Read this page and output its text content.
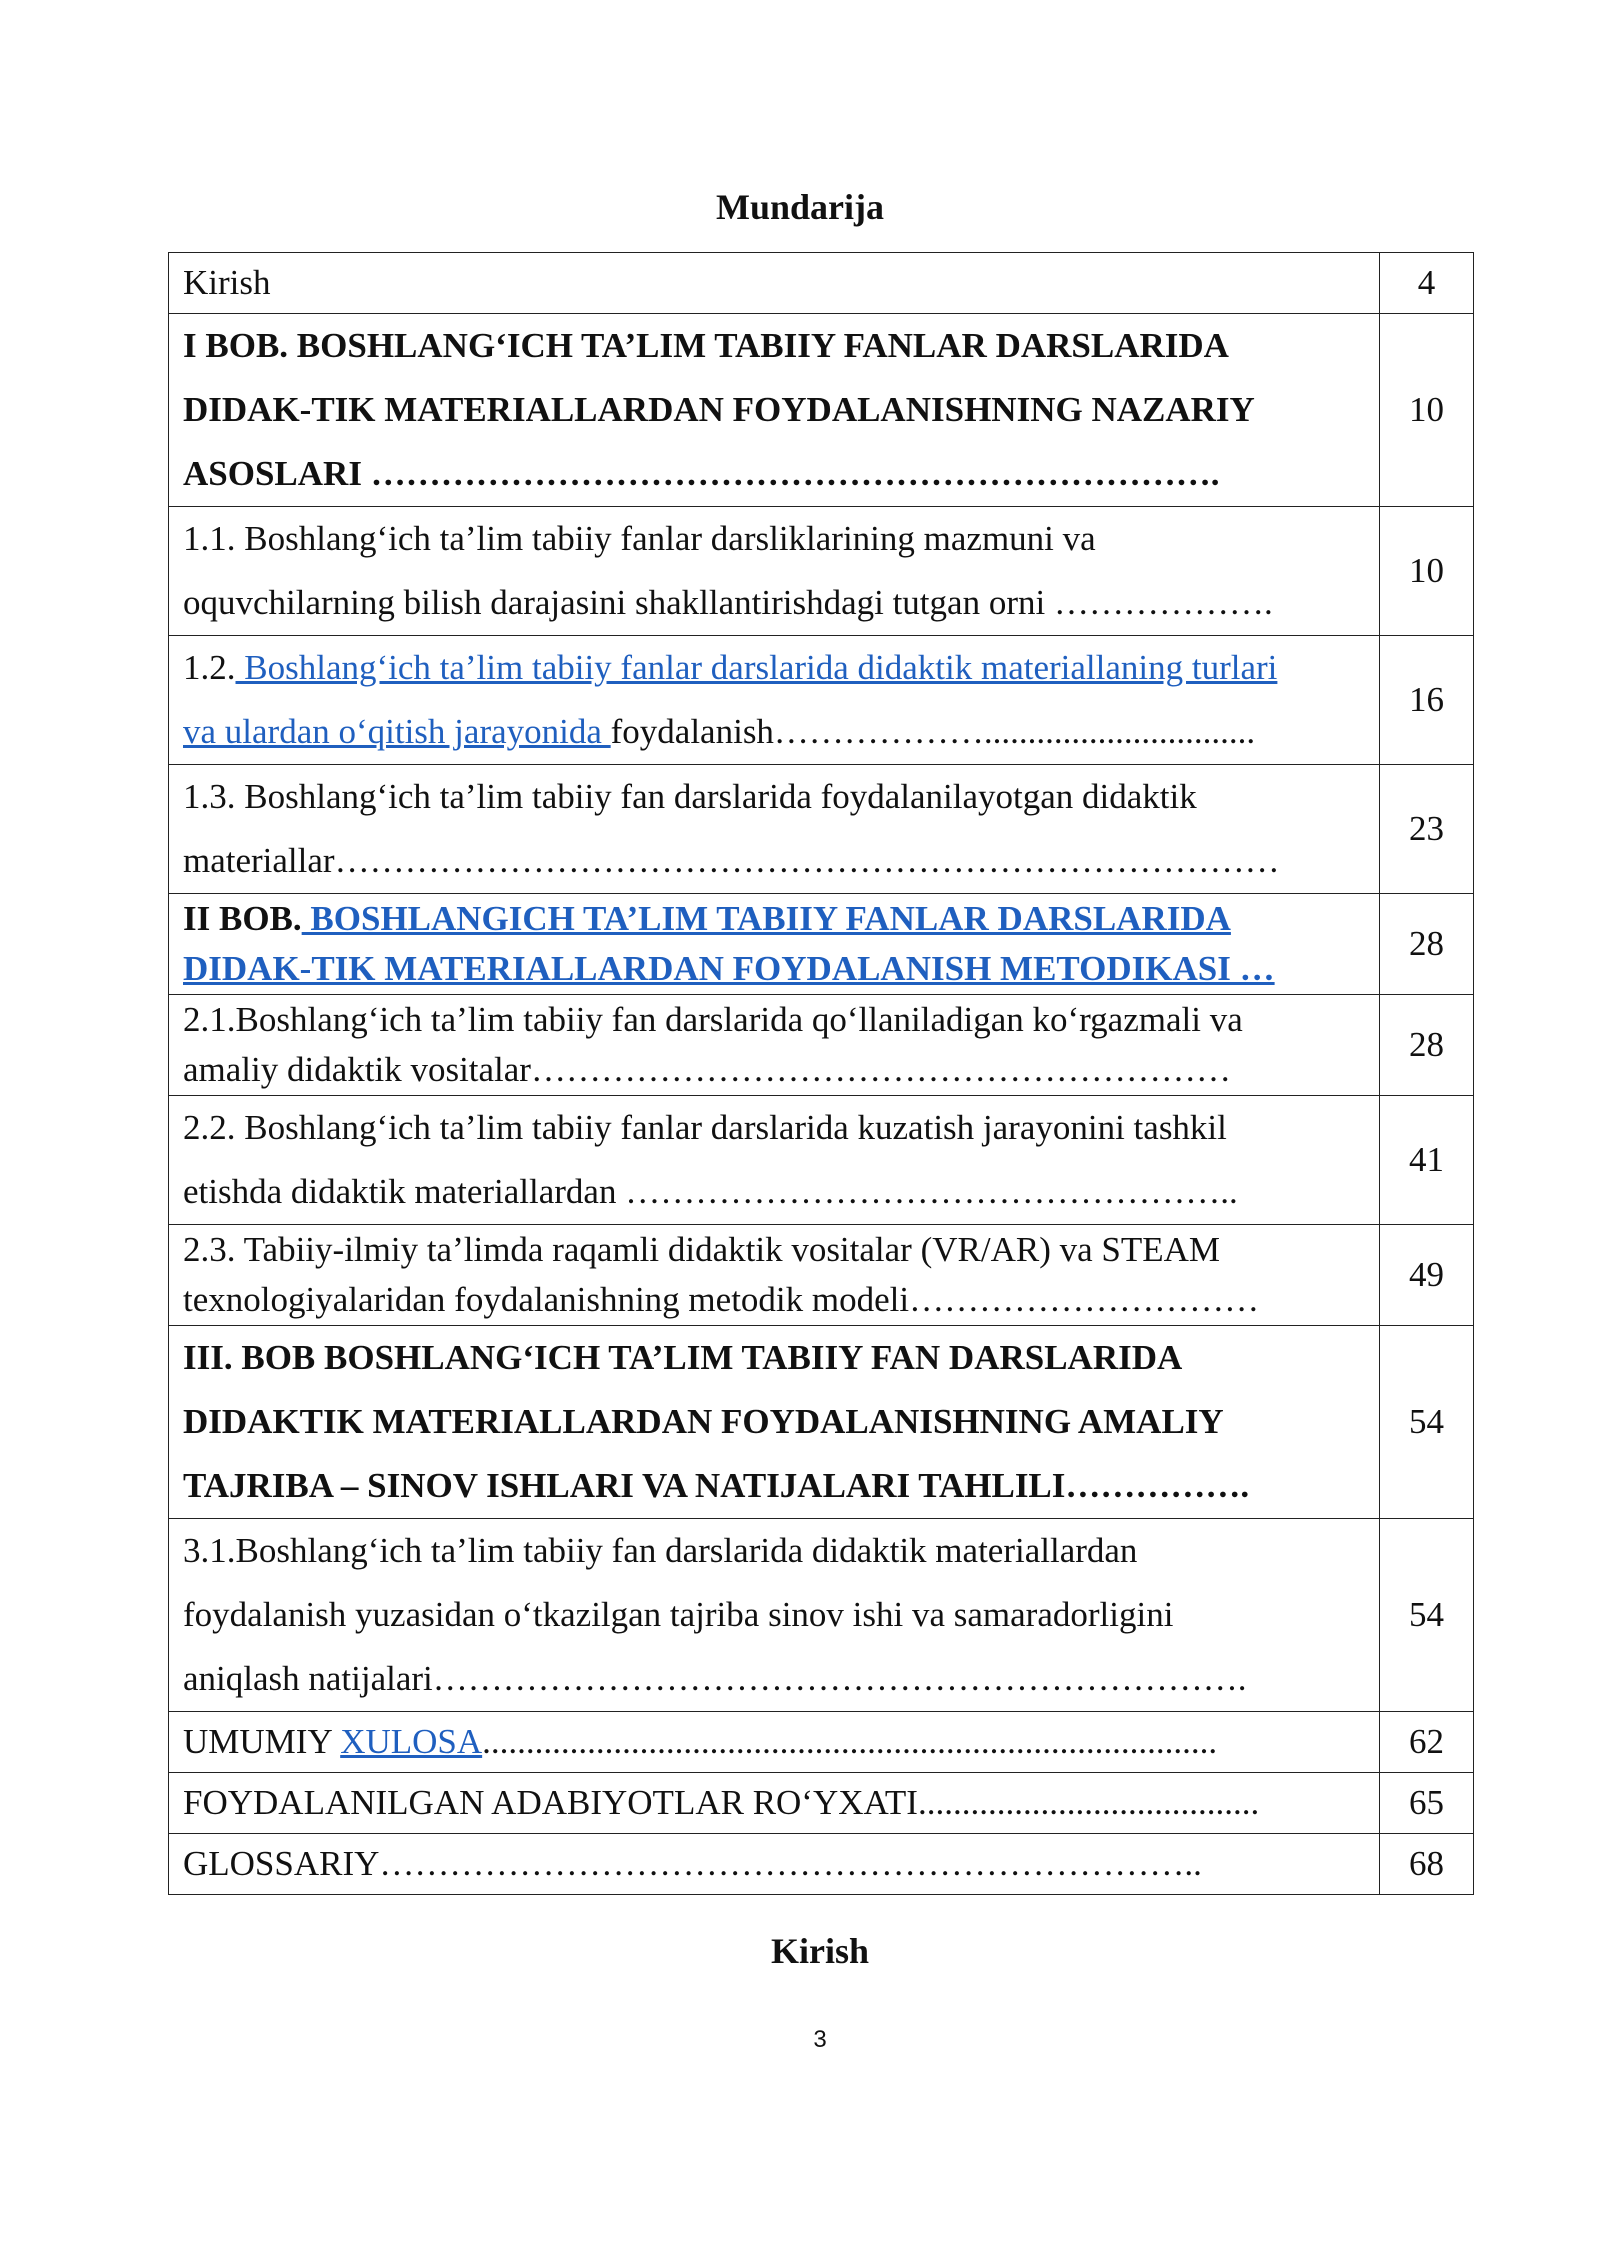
Mundarija
Kirish	4

I BOB. BOSHLANG‘ICH TA’LIM TABIIY FANLAR DARSLARIDA
DIDAK-TIK MATERIALLARDAN FOYDALANISHNING NAZARIY
ASOSLARI ……………………………………………………………….	10

1.1. Boshlang‘ich ta’lim tabiiy fanlar darsliklarining mazmuni va
oquvchilarning bilish darajasini shakllantirishdagi tutgan orni ……………….	10

1.2. Boshlang‘ich ta’lim tabiiy fanlar darslarida didaktik materiallaning turlari
va ulardan o‘qitish jarayonida foydalanish………………...............................	16

1.3. Boshlang‘ich ta’lim tabiiy fan darslarida foydalanilayotgan didaktik
materiallar………………………………………………………………………	23

II BOB. BOSHLANGICH TA’LIM TABIIY FANLAR DARSLARIDA
DIDAK-TIK MATERIALLARDAN FOYDALANISH METODIKASI …	28

2.1.Boshlang‘ich ta’lim tabiiy fan darslarida qo‘llaniladigan ko‘rgazmali va
amaliy didaktik vositalar……………………………………………………	28

2.2. Boshlang‘ich ta’lim tabiiy fanlar darslarida kuzatish jarayonini tashkil
etishda didaktik materiallardan ……………………………………………..	41

2.3. Tabiiy-ilmiy ta’limda raqamli didaktik vositalar (VR/AR) va STEAM
texnologiyalaridan foydalanishning metodik modeli…………………………	49

III. BOB BOSHLANG‘ICH TA’LIM TABIIY FAN DARSLARIDA
DIDAKTIK MATERIALLARDAN FOYDALANISHNING AMALIY
TAJRIBA – SINOV ISHLARI VA NATIJALARI TAHLILI…………….	54

3.1.Boshlang‘ich ta’lim tabiiy fan darslarida didaktik materiallardan
foydalanish yuzasidan o‘tkazilgan tajriba sinov ishi va samaradorligini
aniqlash natijalari…………………………………………………………….	54
UMUMIY XULOSA....................................................................................	62
FOYDALANILGAN ADABIYOTLAR RO‘YXATI.......................................	65
GLOSSARIY……………………………………………………………..	68
Kirish
3
